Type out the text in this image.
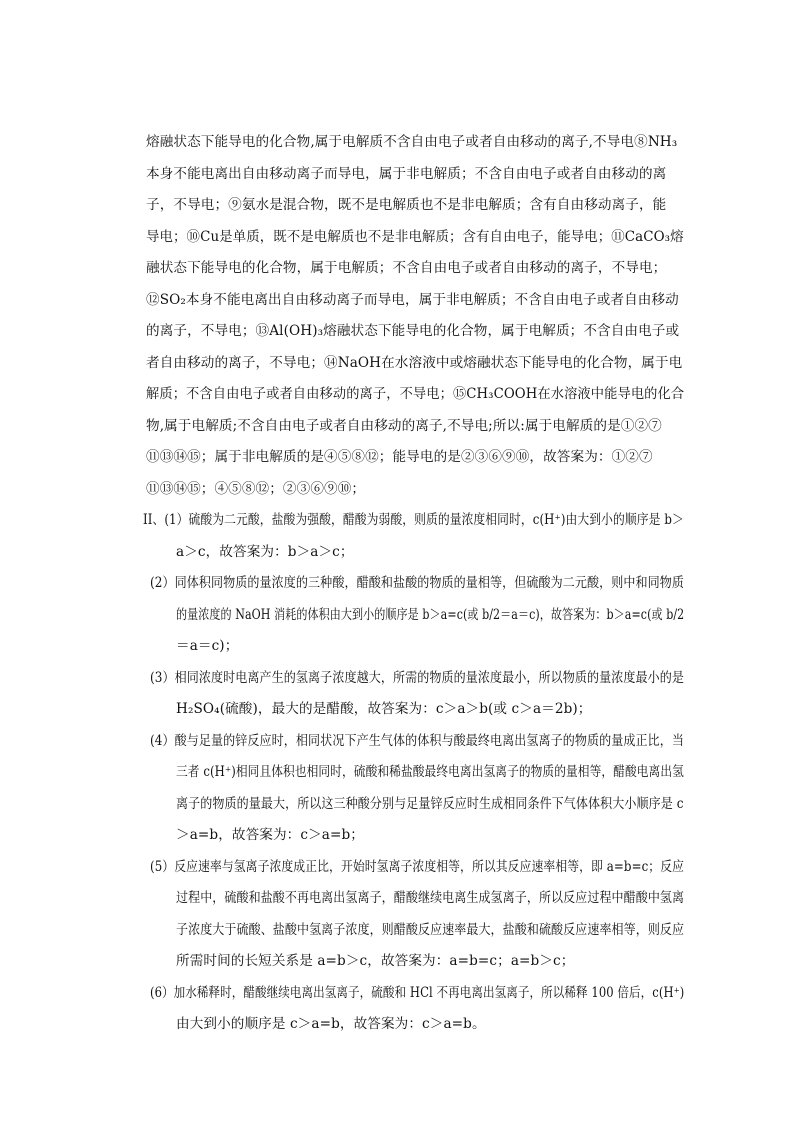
熔融状态下能导电的化合物,属于电解质不含自由电子或者自由移动的离子,不导电⑧NH₃
本身不能电离出自由移动离子而导电，属于非电解质；不含自由电子或者自由移动的离
子，不导电；⑨氨水是混合物，既不是电解质也不是非电解质；含有自由移动离子，能
导电；⑩Cu是单质，既不是电解质也不是非电解质；含有自由电子，能导电；⑪CaCO₃熔
融状态下能导电的化合物，属于电解质；不含自由电子或者自由移动的离子，不导电；
⑫SO₂本身不能电离出自由移动离子而导电，属于非电解质；不含自由电子或者自由移动
的离子，不导电；⑬Al(OH)₃熔融状态下能导电的化合物，属于电解质；不含自由电子或
者自由移动的离子，不导电；⑭NaOH在水溶液中或熔融状态下能导电的化合物，属于电
解质；不含自由电子或者自由移动的离子，不导电；⑮CH₃COOH在水溶液中能导电的化合
物,属于电解质;不含自由电子或者自由移动的离子,不导电;所以:属于电解质的是①②⑦
⑪⑬⑭⑮；属于非电解质的是④⑤⑧⑫；能导电的是②③⑥⑨⑩，故答案为：①②⑦
⑪⑬⑭⑮；④⑤⑧⑫；②③⑥⑨⑩；
II、(1）硫酸为二元酸，盐酸为强酸，醋酸为弱酸，则质的量浓度相同时，c(H⁺)由大到小的顺序是 b＞
a＞c，故答案为：b＞a＞c；
(2）同体积同物质的量浓度的三种酸，醋酸和盐酸的物质的量相等，但硫酸为二元酸，则中和同物质
的量浓度的 NaOH 消耗的体积由大到小的顺序是 b＞a=c(或 b/2＝a＝c)，故答案为：b＞a=c(或 b/2
＝a＝c)；
(3）相同浓度时电离产生的氢离子浓度越大，所需的物质的量浓度最小，所以物质的量浓度最小的是
H₂SO₄(硫酸)，最大的是醋酸，故答案为：c＞a＞b(或 c＞a＝2b)；
(4）酸与足量的锌反应时，相同状况下产生气体的体积与酸最终电离出氢离子的物质的量成正比，当
三者 c(H⁺)相同且体积也相同时，硫酸和稀盐酸最终电离出氢离子的物质的量相等，醋酸电离出氢
离子的物质的量最大，所以这三种酸分别与足量锌反应时生成相同条件下气体体积大小顺序是 c
＞a=b，故答案为：c＞a=b；
(5）反应速率与氢离子浓度成正比，开始时氢离子浓度相等，所以其反应速率相等，即 a=b=c；反应
过程中，硫酸和盐酸不再电离出氢离子，醋酸继续电离生成氢离子，所以反应过程中醋酸中氢离
子浓度大于硫酸、盐酸中氢离子浓度，则醋酸反应速率最大，盐酸和硫酸反应速率相等，则反应
所需时间的长短关系是 a=b＞c，故答案为：a=b=c；a=b＞c；
(6）加水稀释时，醋酸继续电离出氢离子，硫酸和 HCl 不再电离出氢离子，所以稀释 100 倍后，c(H⁺)
由大到小的顺序是 c＞a=b，故答案为：c＞a=b。
